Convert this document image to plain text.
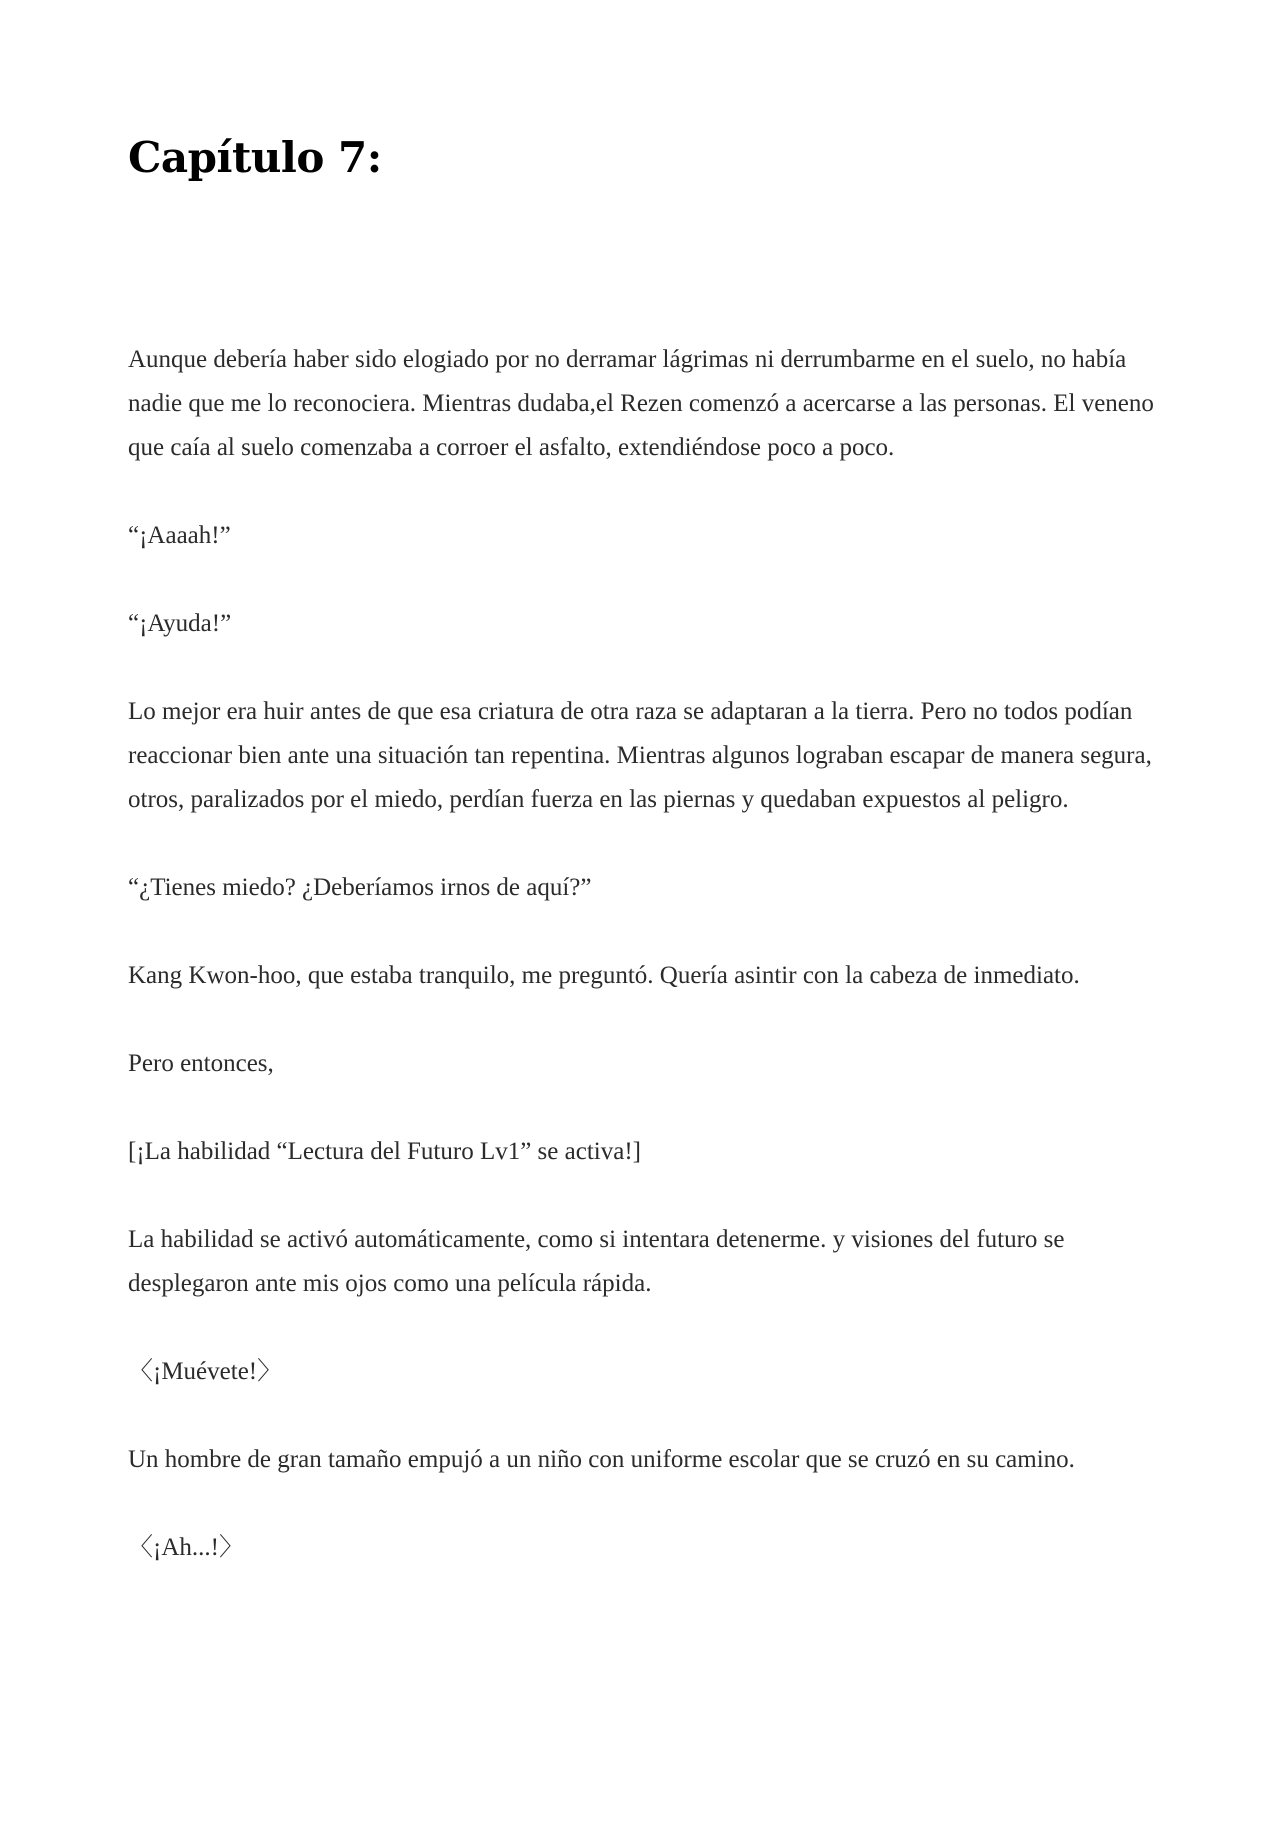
Capítulo 7:

Aunque debería haber sido elogiado por no derramar lágrimas ni derrumbarme en el suelo, no había nadie que me lo reconociera. Mientras dudaba,el Rezen comenzó a acercarse a las personas. El veneno que caía al suelo comenzaba a corroer el asfalto, extendiéndose poco a poco.

“¡Aaaah!”

“¡Ayuda!”

Lo mejor era huir antes de que esa criatura de otra raza se adaptaran a la tierra. Pero no todos podían reaccionar bien ante una situación tan repentina. Mientras algunos lograban escapar de manera segura, otros, paralizados por el miedo, perdían fuerza en las piernas y quedaban expuestos al peligro.

“¿Tienes miedo? ¿Deberíamos irnos de aquí?”

Kang Kwon-hoo, que estaba tranquilo, me preguntó. Quería asintir con la cabeza de inmediato.

Pero entonces,

[¡La habilidad “Lectura del Futuro Lv1” se activa!]

La habilidad se activó automáticamente, como si intentara detenerme. y visiones del futuro se desplegaron ante mis ojos como una película rápida.

〈¡Muévete!〉

Un hombre de gran tamaño empujó a un niño con uniforme escolar que se cruzó en su camino.

〈¡Ah...!〉
